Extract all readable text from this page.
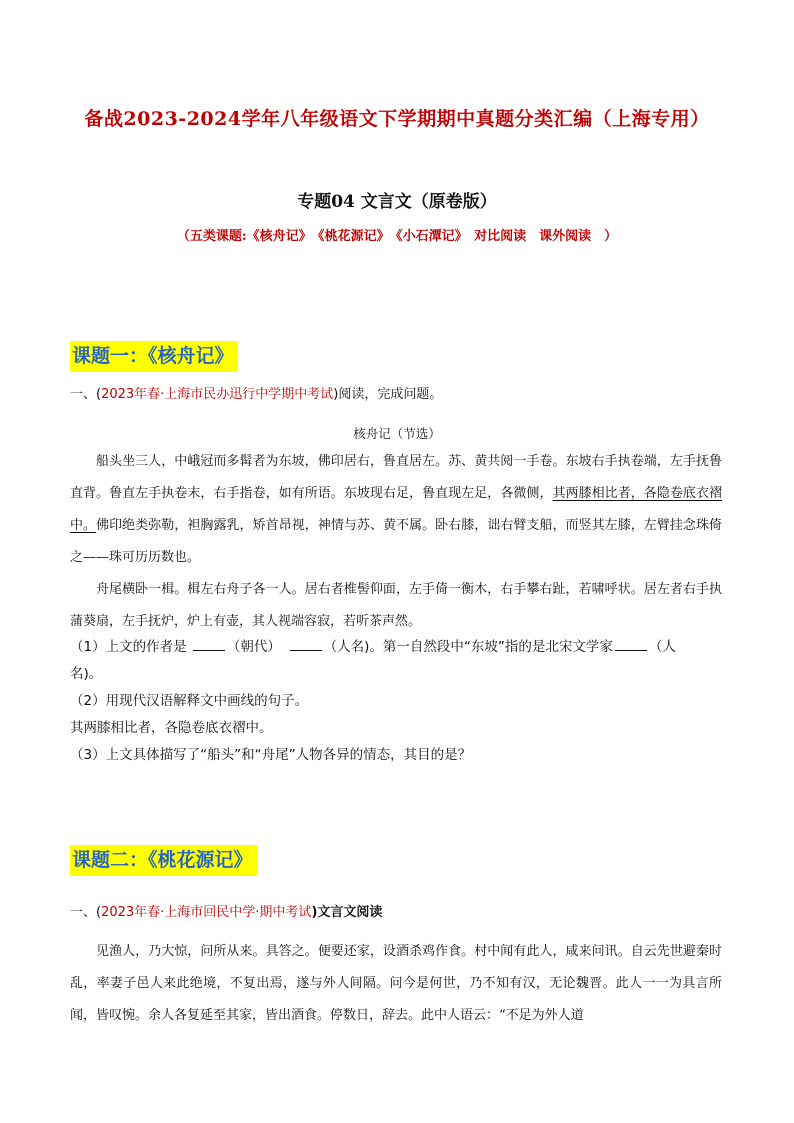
备战2023-2024学年八年级语文下学期期中真题分类汇编（上海专用）
专题04 文言文（原卷版）
（五类课题:《核舟记》　《桃花源记》　《小石潭记》　对比阅读　课外阅读　）
课题一：《核舟记》
一、(2023年春·上海市民办迅行中学期中考试)阅读，完成问题。
核舟记（节选）

船头坐三人，中峨冠而多髯者为东坡，佛印居右，鲁直居左。苏、黄共阅一手卷。东坡右手执卷端，左手抚鲁直背。鲁直左手执卷末，右手指卷，如有所语。东坡现右足，鲁直现左足，各微侧，其两膝相比者，各隐卷底衣褶中。佛印绝类弥勒，袒胸露乳，矫首昂视，神情与苏、黄不属。卧右膝，诎右臂支船，而竖其左膝，左臂挂念珠倚之——珠可历历数也。

舟尾横卧一楫。楫左右舟子各一人。居右者椎髻仰面，左手倚一衡木，右手攀右趾，若啸呼状。居左者右手执蒲葵扇，左手抚炉，炉上有壶，其人视端容寂，若听茶声然。

（1）上文的作者是	（朝代）　	（人名)。第一自然段中“东坡”指的是北宋文学家	（人
名)。
（2）用现代汉语解释文中画线的句子。
其两膝相比者，各隐卷底衣褶中。
（3）上文具体描写了“船头”和“舟尾”人物各异的情态，其目的是？
课题二：《桃花源记》
一、(2023年春·上海市回民中学·期中考试)文言文阅读

见渔人，乃大惊，问所从来。具答之。便要还家，设酒杀鸡作食。村中闻有此人，咸来问讯。自云先世避秦时乱，率妻子邑人来此绝境，不复出焉，遂与外人间隔。问今是何世，乃不知有汉，无论魏晋。此人一一为具言所闻，皆叹惋。余人各复延至其家，皆出酒食。停数日，辞去。此中人语云：“不足为外人道
